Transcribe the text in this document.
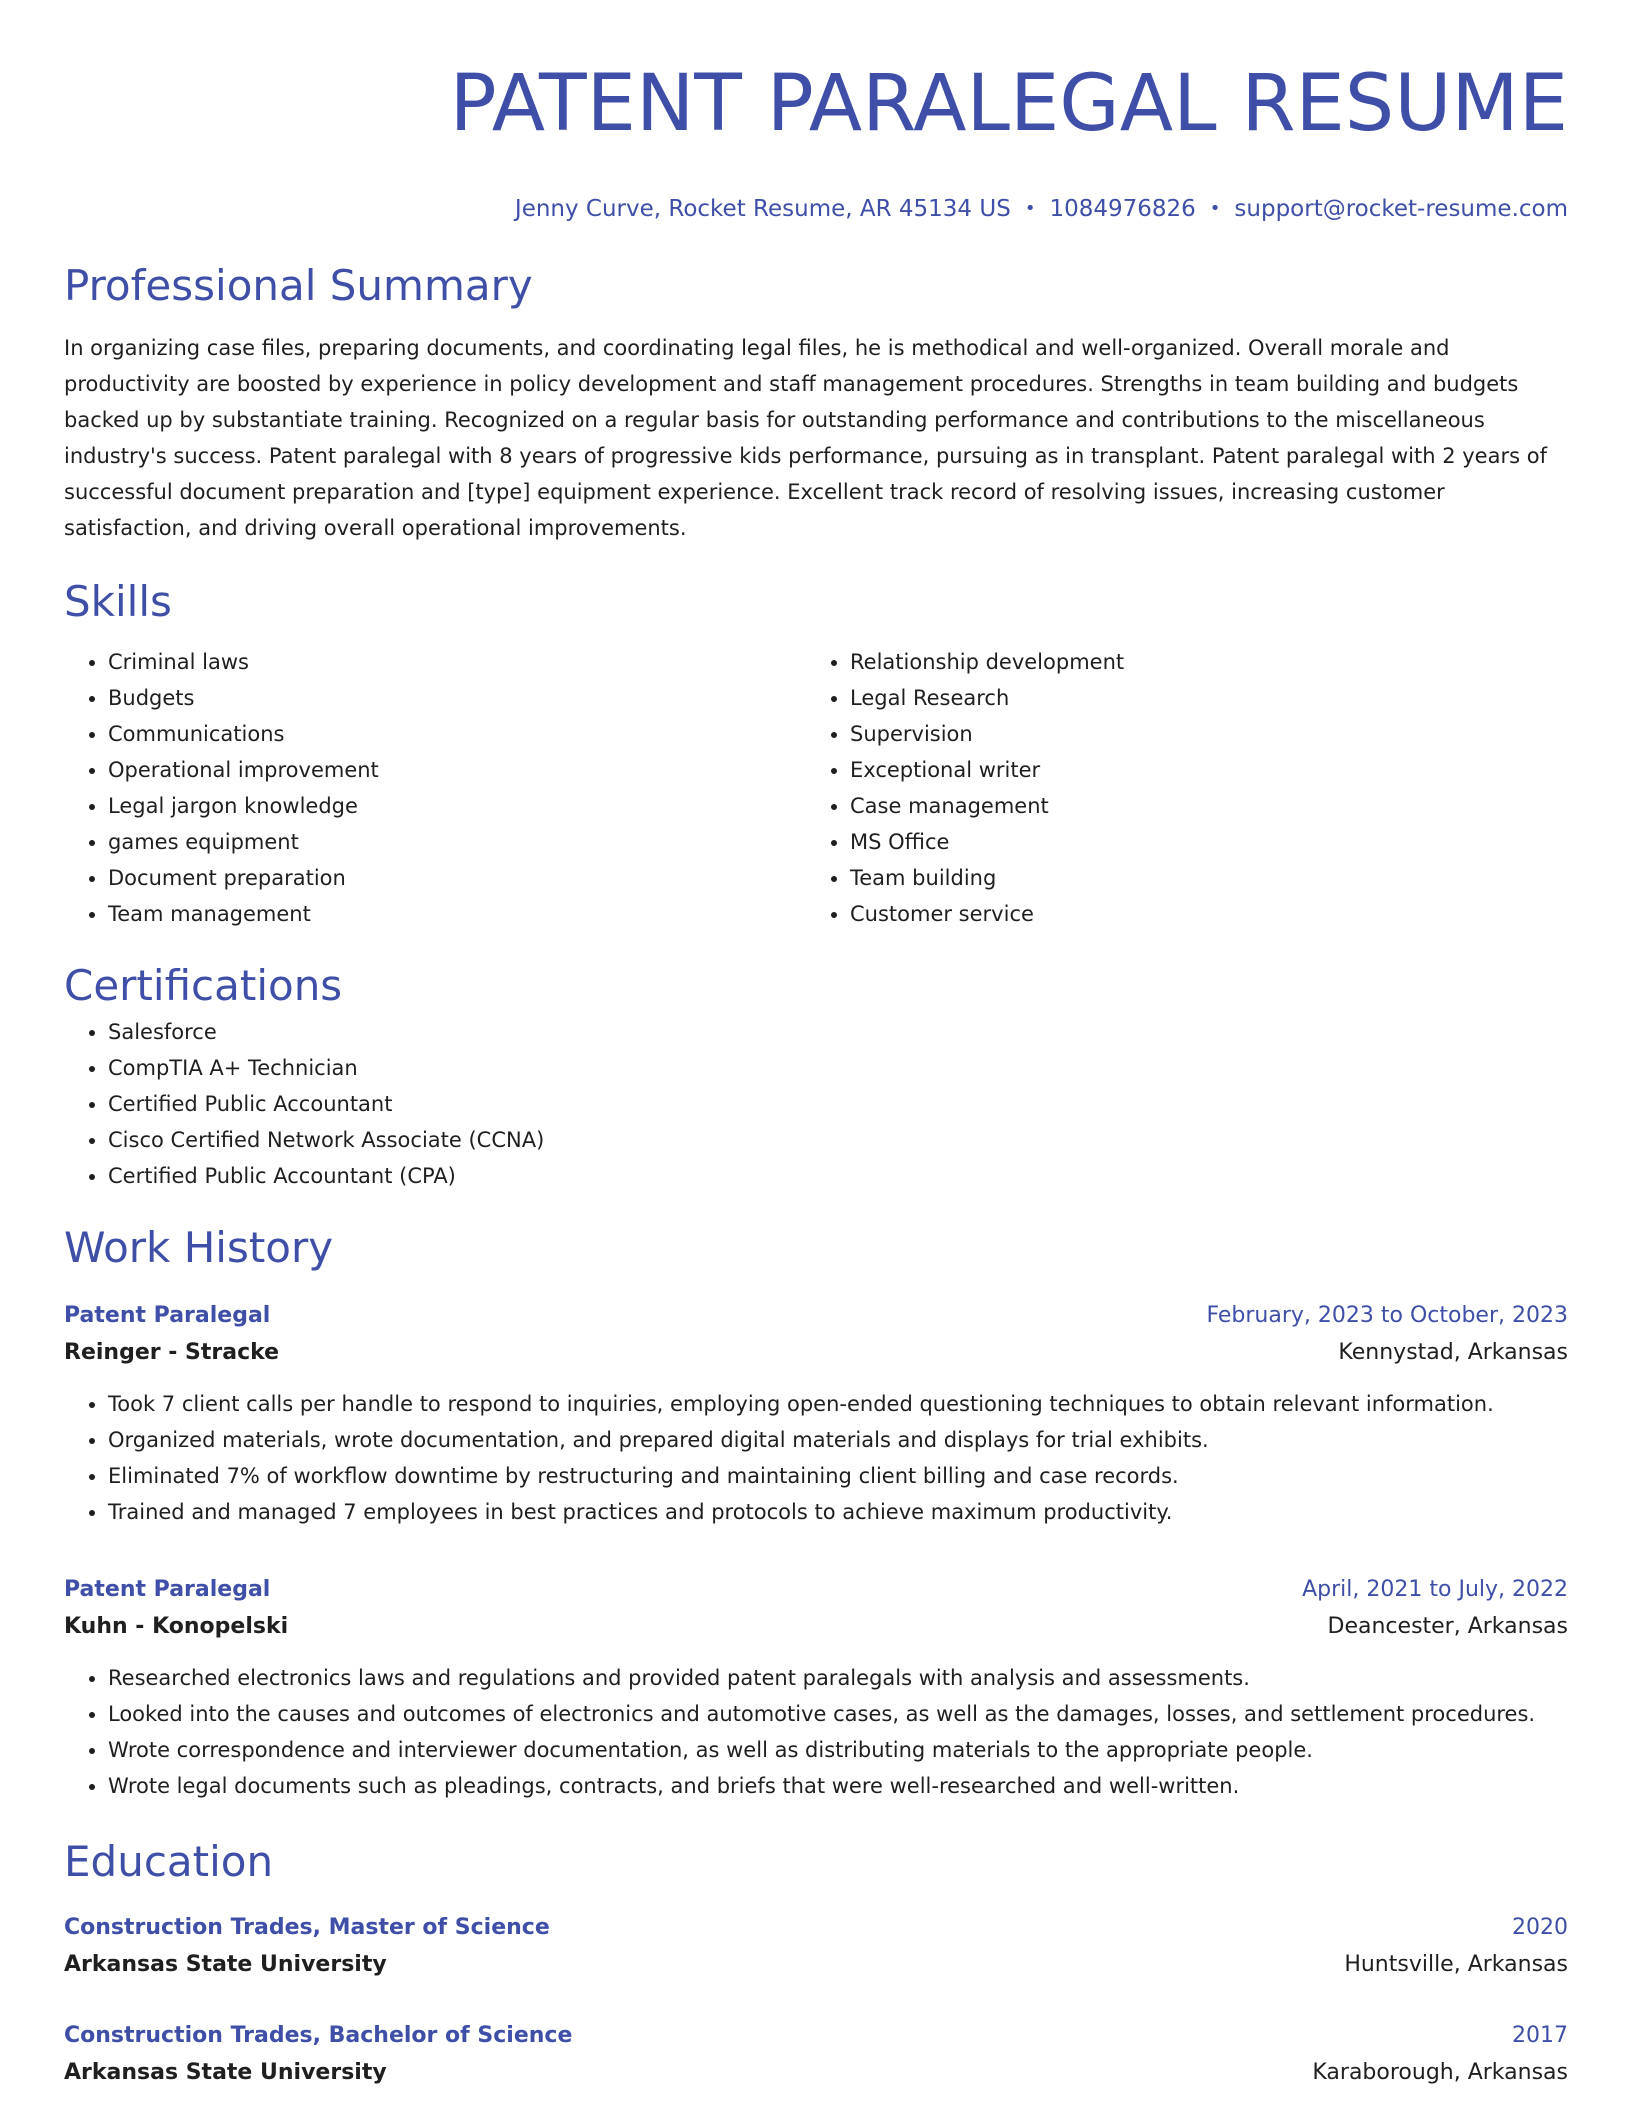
PATENT PARALEGAL RESUME
Jenny Curve, Rocket Resume, AR 45134 US • 1084976826 • support@rocket-resume.com
Professional Summary
In organizing case files, preparing documents, and coordinating legal files, he is methodical and well-organized. Overall morale and productivity are boosted by experience in policy development and staff management procedures. Strengths in team building and budgets backed up by substantiate training. Recognized on a regular basis for outstanding performance and contributions to the miscellaneous industry's success. Patent paralegal with 8 years of progressive kids performance, pursuing as in transplant. Patent paralegal with 2 years of successful document preparation and [type] equipment experience. Excellent track record of resolving issues, increasing customer satisfaction, and driving overall operational improvements.
Skills
• Criminal laws
• Budgets
• Communications
• Operational improvement
• Legal jargon knowledge
• games equipment
• Document preparation
• Team management
• Relationship development
• Legal Research
• Supervision
• Exceptional writer
• Case management
• MS Office
• Team building
• Customer service
Certifications
• Salesforce
• CompTIA A+ Technician
• Certified Public Accountant
• Cisco Certified Network Associate (CCNA)
• Certified Public Accountant (CPA)
Work History
Patent Paralegal	February, 2023 to October, 2023
Reinger - Stracke	Kennystad, Arkansas
• Took 7 client calls per handle to respond to inquiries, employing open-ended questioning techniques to obtain relevant information.
• Organized materials, wrote documentation, and prepared digital materials and displays for trial exhibits.
• Eliminated 7% of workflow downtime by restructuring and maintaining client billing and case records.
• Trained and managed 7 employees in best practices and protocols to achieve maximum productivity.
Patent Paralegal	April, 2021 to July, 2022
Kuhn - Konopelski	Deancester, Arkansas
• Researched electronics laws and regulations and provided patent paralegals with analysis and assessments.
• Looked into the causes and outcomes of electronics and automotive cases, as well as the damages, losses, and settlement procedures.
• Wrote correspondence and interviewer documentation, as well as distributing materials to the appropriate people.
• Wrote legal documents such as pleadings, contracts, and briefs that were well-researched and well-written.
Education
Construction Trades, Master of Science	2020
Arkansas State University	Huntsville, Arkansas
Construction Trades, Bachelor of Science	2017
Arkansas State University	Karaborough, Arkansas
